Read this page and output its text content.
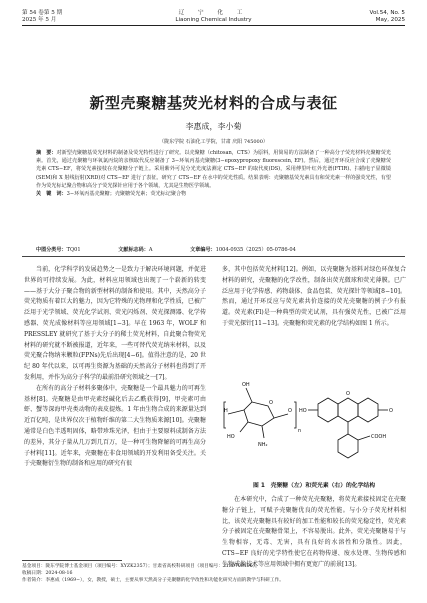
第 54 卷第 5 期
2025 年 5 月
辽 宁 化 工
Liaoning Chemical Industry
Vol.54, No. 5
May, 2025
新型壳聚糖基荧光材料的合成与表征
李惠成，李小菊
（陇东学院 石油化工学院，甘肃 庆阳 745000）
摘　要：对新型壳聚糖基荧光材料的制备及荧光特性进行了研究。以壳聚糖（chitosan，CTS）为原料，用简易的方法制备了一种高分子荧光材料壳聚糖荧光素。首先，通过壳聚糖与环氧氯丙烷的亲核取代反应制备了 3−环氧丙基壳聚糖(3−epoxypropoxy fluorescein, EF)。然后，通过开环反应合成了壳聚糖荧光素 CTS−EF，将荧光素接枝在壳聚糖分子链上。采用紫外可见分光光度法测定 CTS−EF 的取代度(DS)，采用傅里叶红外光谱(FTIR)、扫描电子显微镜(SEM)和 X 射线衍射(XRD)对 CTS−EF 进行了表征。研究了 CTS−EF 在水中的荧光性质。结果表明：壳聚糖基荧光素具有和荧光素一样的强荧光性，有望作为荧光标记聚合物和高分子荧光探针应用于各个领域，尤其是生物医学领域。
关　键　词：3−环氧丙基壳聚糖；壳聚糖荧光素；荧光标记聚合物
中图分类号：TQ01	文献标志码：A	文章编号：1004-0935（2025）05-0786-04

当前，化学科学的发展趋势之一是致力于解决环境问题，并促进世界的可持续发展。为此，材料应用领域也出现了一个崭新的转变——基于大分子聚合物的新型材料的制备和使用。其中，天然高分子荧光物质有着巨大的魅力，因为它特殊的光物理和化学性质，已被广泛用于光学领域、荧光化学试剂、荧光闪烁剂、荧光探测器、化学传感器、荧光成像材料等应用领域[1−3]。早在 1963 年，WOLF 和 PRESSLEY 就研究了基于大分子的稀土荧光材料，自此聚合物荧光材料的研究就不断被报道，近年来，一些可替代荧光纳米材料，以及荧光聚合物纳米颗粒(FPNs)先后出现[4−6]。值得注意的是，20 世纪 80 年代以来，以可再生资源为基础的天然高分子材料也得到了开发利用，并作为高分子科学的最前沿研究领域之一[7]。

在所有的高分子材料多聚体中，壳聚糖是一个最具魅力的可再生基材[8]。壳聚糖是由甲壳素经碱化后去乙酰获得[9]，甲壳素可由虾、蟹等深海甲壳类动物的表皮提炼。1 年由生物合成的来源量达到近百亿吨，是世界仅次于植物纤维的第二大生物质来源[10]。壳聚糖通常是白色半透明固体，略带珍珠光泽，但由于主要原料成制备方法的差异，其分子量从几万到几百万，是一种可生物降解的可再生高分子材料[11]。近年来，壳聚糖在非食用领域的开发利用备受关注。关于壳聚糖衍生物的制备和应用的研究有很

多，其中包括荧光材料[12]。例如，以壳聚糖为基料对绿色环保复合材料的研究，壳聚糖的化学改性，制备出荧光微球和荧光薄膜。已广泛应用于化学传感、药物载体、食品包装、荧光探针等领域[8−10]。然而，通过开环反应与荧光素共价连接的荧光壳聚糖的例子少有报道。荧光素(Fl)是一种典型的荧光试剂，具有强荧光性，已被广泛用于荧光探针[11−13]。壳聚糖和荧光素的化学结构如图 1 所示。

OH
O
O
H
HO
NH₂
n
HO
O
O
COOH
图 1　壳聚糖（左）和荧光素（右）的化学结构

在本研究中，合成了一种荧光壳聚糖，将荧光素接枝固定在壳聚糖分子链上，可赋予壳聚糖优良的荧光性能。与小分子荧光材料相比，该荧光壳聚糖具有较好的加工性能和较长的荧光稳定性，荧光素分子被固定在壳聚糖骨架上，不容易脱出。此外，荧光壳聚糖易于与生物相容，无毒、无害，具有良好的水溶性和分散性。因此，CTS−EF 良好的光学特性使它在药物传递、废水处理、生物传感和生物成像技术等应用领域中拥有更宽广的前景[13]。

基金项目：陇东学院博士基金项目（项目编号：XYZK2357）；甘肃省高校科研项目（项目编号：2130709196）。
收稿日期：2024-08-16
作者简介：李惠成（1969−），女，教授，硕士，主要从事天然高分子壳聚糖的化学改性和功能化研究方面的教学与科研工作。
